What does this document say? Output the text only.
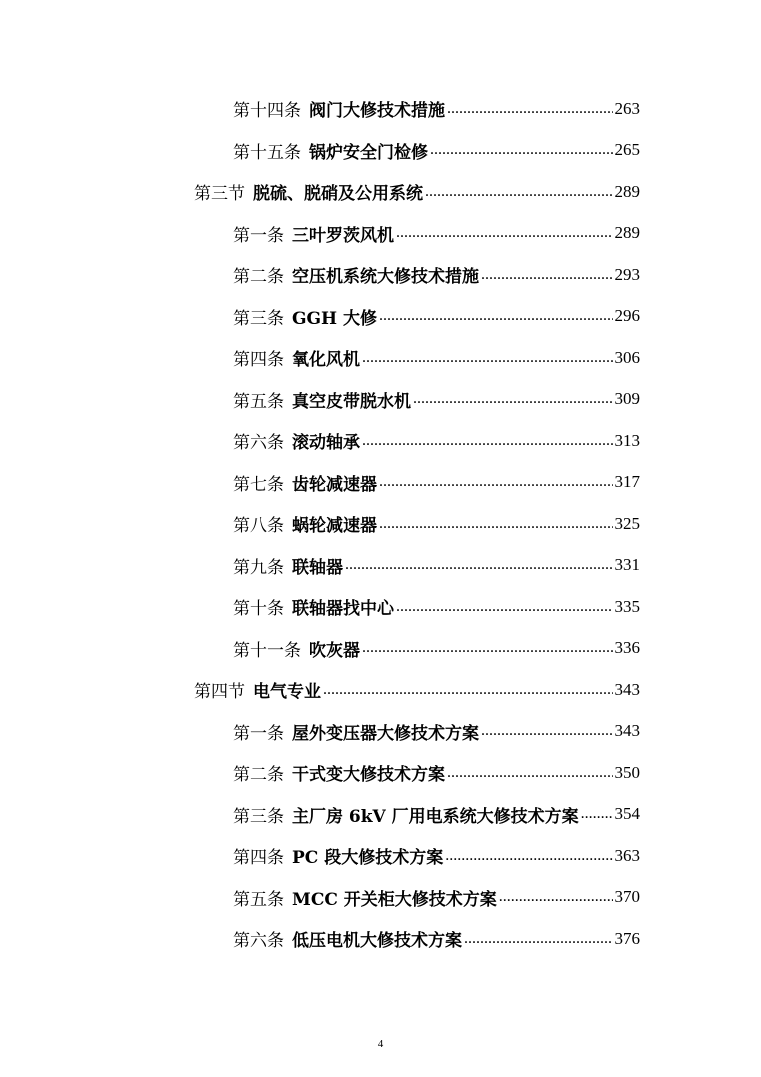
第十四条 阀门大修技术措施 .....	263
第十五条 锅炉安全门检修 .....	265
第三节 脱硫、脱硝及公用系统 .....	289
第一条 三叶罗茨风机 .....	289
第二条 空压机系统大修技术措施 .....	293
第三条 GGH 大修 .....	296
第四条 氧化风机 .....	306
第五条 真空皮带脱水机 .....	309
第六条 滚动轴承 .....	313
第七条 齿轮减速器 .....	317
第八条 蜗轮减速器 .....	325
第九条 联轴器 .....	331
第十条 联轴器找中心 .....	335
第十一条 吹灰器 .....	336
第四节 电气专业 .....	343
第一条 屋外变压器大修技术方案 .....	343
第二条 干式变大修技术方案 .....	350
第三条 主厂房 6kV 厂用电系统大修技术方案 ..... 354
第四条 PC 段大修技术方案 .....	363
第五条 MCC 开关柜大修技术方案 .....	370
第六条 低压电机大修技术方案 .....	376
4
